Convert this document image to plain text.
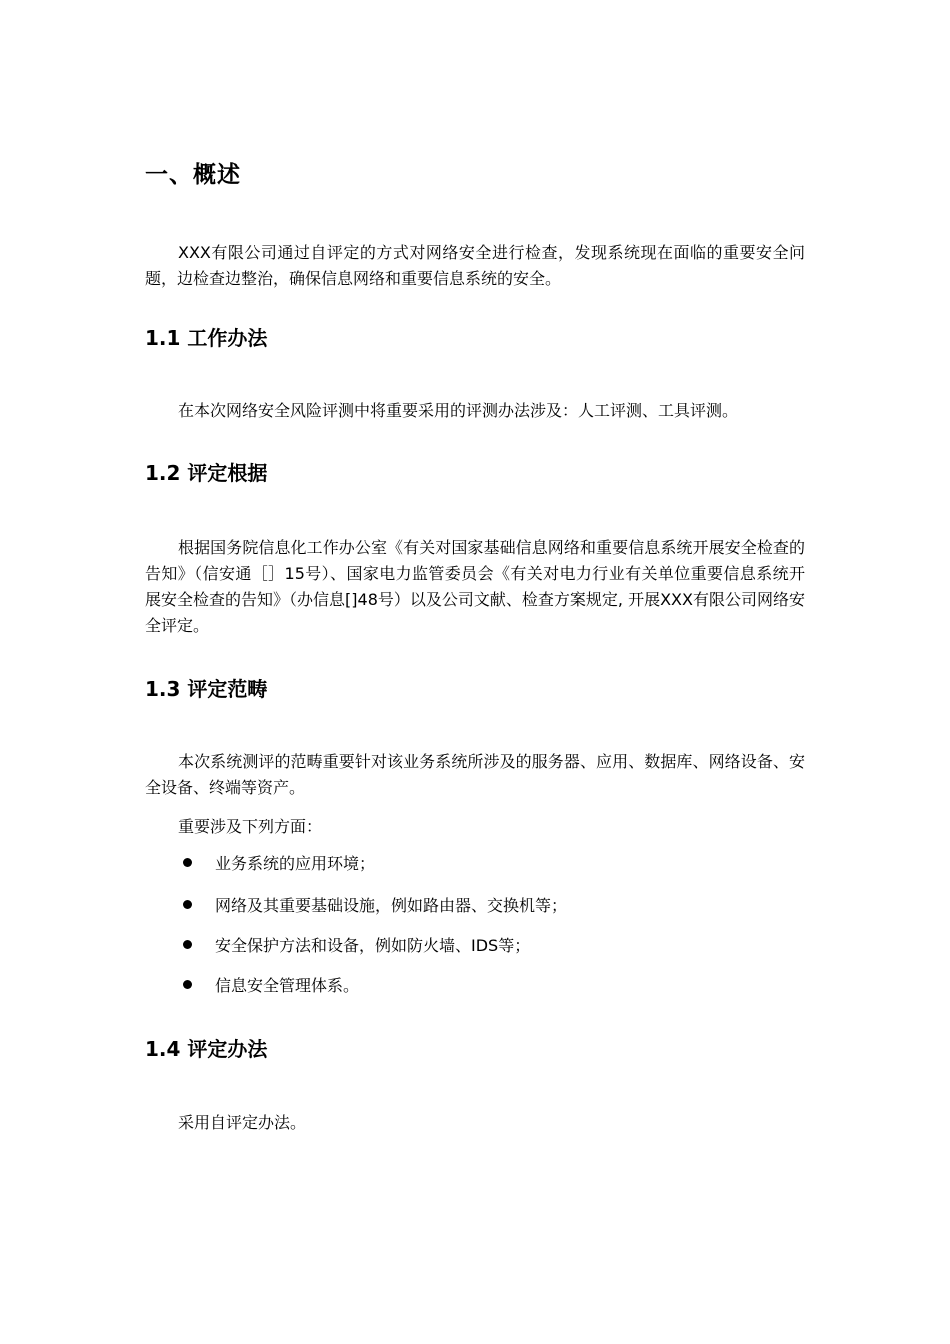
一、概述

XXX有限公司通过自评定的方式对网络安全进行检查，发现系统现在面临的重要安全问题，边检查边整治，确保信息网络和重要信息系统的安全。

1.1 工作办法

在本次网络安全风险评测中将重要采用的评测办法涉及：人工评测、工具评测。

1.2 评定根据

根据国务院信息化工作办公室《有关对国家基础信息网络和重要信息系统开展安全检查的告知》（信安通［］15号）、国家电力监管委员会《有关对电力行业有关单位重要信息系统开展安全检查的告知》（办信息[]48号）以及公司文献、检查方案规定, 开展XXX有限公司网络安全评定。

1.3 评定范畴

本次系统测评的范畴重要针对该业务系统所涉及的服务器、应用、数据库、网络设备、安全设备、终端等资产。

重要涉及下列方面：

业务系统的应用环境；
网络及其重要基础设施，例如路由器、交换机等；
安全保护方法和设备，例如防火墙、IDS等；
信息安全管理体系。
1.4 评定办法

采用自评定办法。
